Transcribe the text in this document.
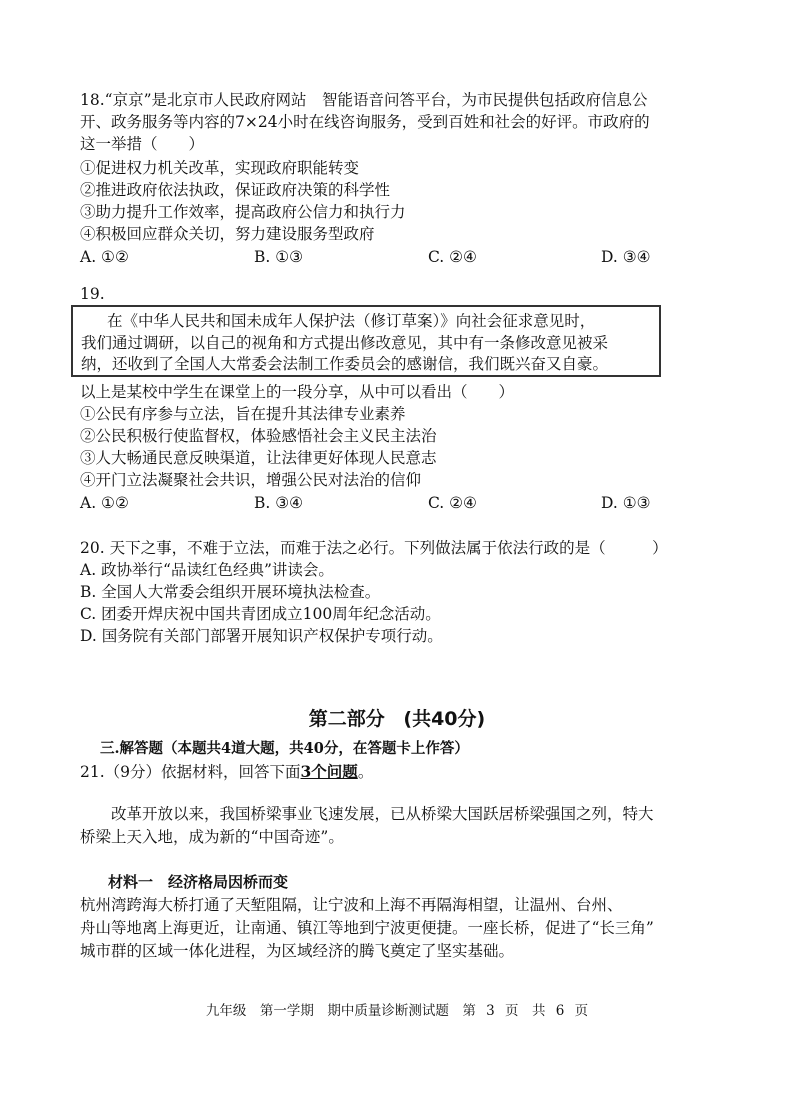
18.“京京”是北京市人民政府网站　智能语音问答平台，为市民提供包括政府信息公
开、政务服务等内容的7×24小时在线咨询服务，受到百姓和社会的好评。市政府的
这一举措（　　）
①促进权力机关改革，实现政府职能转变
②推进政府依法执政，保证政府决策的科学性
③助力提升工作效率，提高政府公信力和执行力
④积极回应群众关切，努力建设服务型政府
A. ①②	B. ①③	C. ②④	D. ③④
19.
在《中华人民共和国未成年人保护法（修订草案）》向社会征求意见时，
我们通过调研，以自己的视角和方式提出修改意见，其中有一条修改意见被采
纳，还收到了全国人大常委会法制工作委员会的感谢信，我们既兴奋又自豪。
以上是某校中学生在课堂上的一段分享，从中可以看出（　　）
①公民有序参与立法，旨在提升其法律专业素养
②公民积极行使监督权，体验感悟社会主义民主法治
③人大畅通民意反映渠道，让法律更好体现人民意志
④开门立法凝聚社会共识，增强公民对法治的信仰
A. ①②	B. ③④	C. ②④	D. ①③
20. 天下之事，不难于立法，而难于法之必行。下列做法属于依法行政的是（　　　）
A. 政协举行“品读红色经典”讲读会。
B. 全国人大常委会组织开展环境执法检查。
C. 团委开焊庆祝中国共青团成立100周年纪念活动。
D. 国务院有关部门部署开展知识产权保护专项行动。
第二部分 (共40分)
三.解答题（本题共4道大题，共40分，在答题卡上作答）
21.（9分）依据材料，回答下面3个问题。
改革开放以来，我国桥梁事业飞速发展，已从桥梁大国跃居桥梁强国之列，特大
桥梁上天入地，成为新的“中国奇迹”。
材料一　经济格局因桥而变
杭州湾跨海大桥打通了天堑阻隔，让宁波和上海不再隔海相望，让温州、台州、
舟山等地离上海更近，让南通、镇江等地到宁波更便捷。一座长桥，促进了“长三角”
城市群的区域一体化进程，为区域经济的腾飞奠定了坚实基础。
九年级　第一学期　期中质量诊断测试题　第 3 页　共 6 页
